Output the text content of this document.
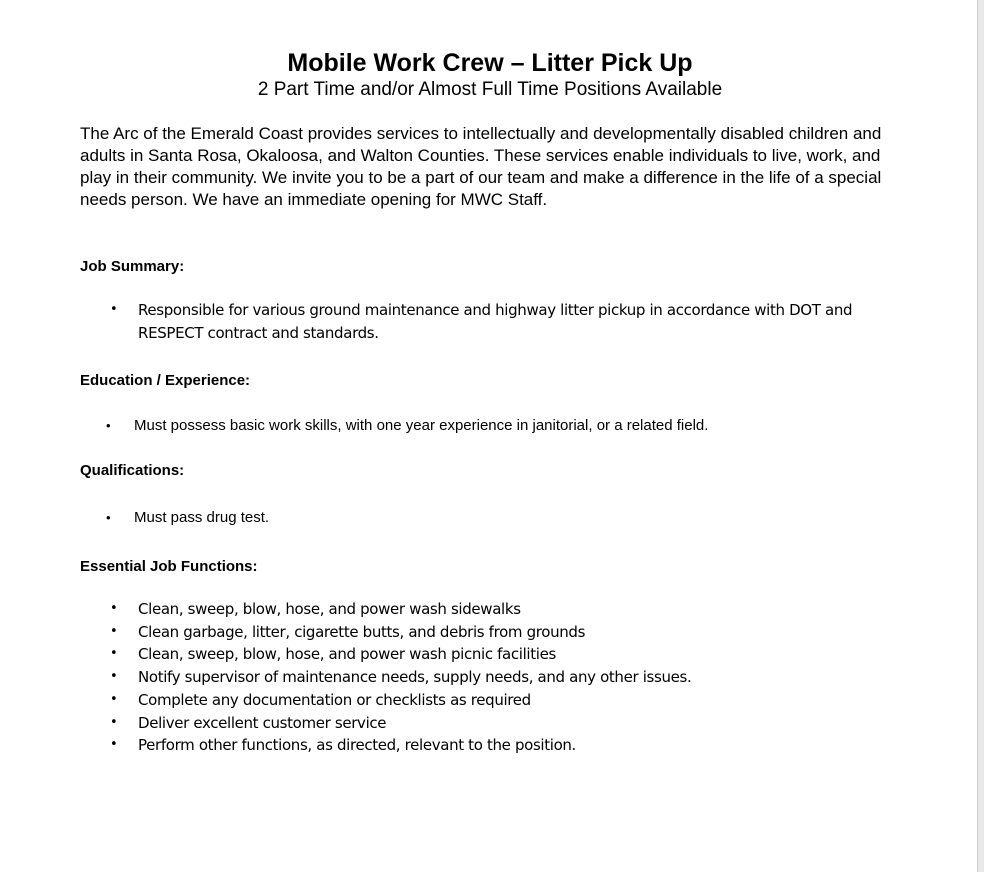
Mobile Work Crew – Litter Pick Up
2 Part Time and/or Almost Full Time Positions Available
The Arc of the Emerald Coast provides services to intellectually and developmentally disabled children and adults in Santa Rosa, Okaloosa, and Walton Counties. These services enable individuals to live, work, and play in their community. We invite you to be a part of our team and make a difference in the life of a special needs person. We have an immediate opening for MWC Staff.
Job Summary:
• Responsible for various ground maintenance and highway litter pickup in accordance with DOT and RESPECT contract and standards.
Education / Experience:
• Must possess basic work skills, with one year experience in janitorial, or a related field.
Qualifications:
• Must pass drug test.
Essential Job Functions:
• Clean, sweep, blow, hose, and power wash sidewalks
• Clean garbage, litter, cigarette butts, and debris from grounds
• Clean, sweep, blow, hose, and power wash picnic facilities
• Notify supervisor of maintenance needs, supply needs, and any other issues.
• Complete any documentation or checklists as required
• Deliver excellent customer service
• Perform other functions, as directed, relevant to the position.
